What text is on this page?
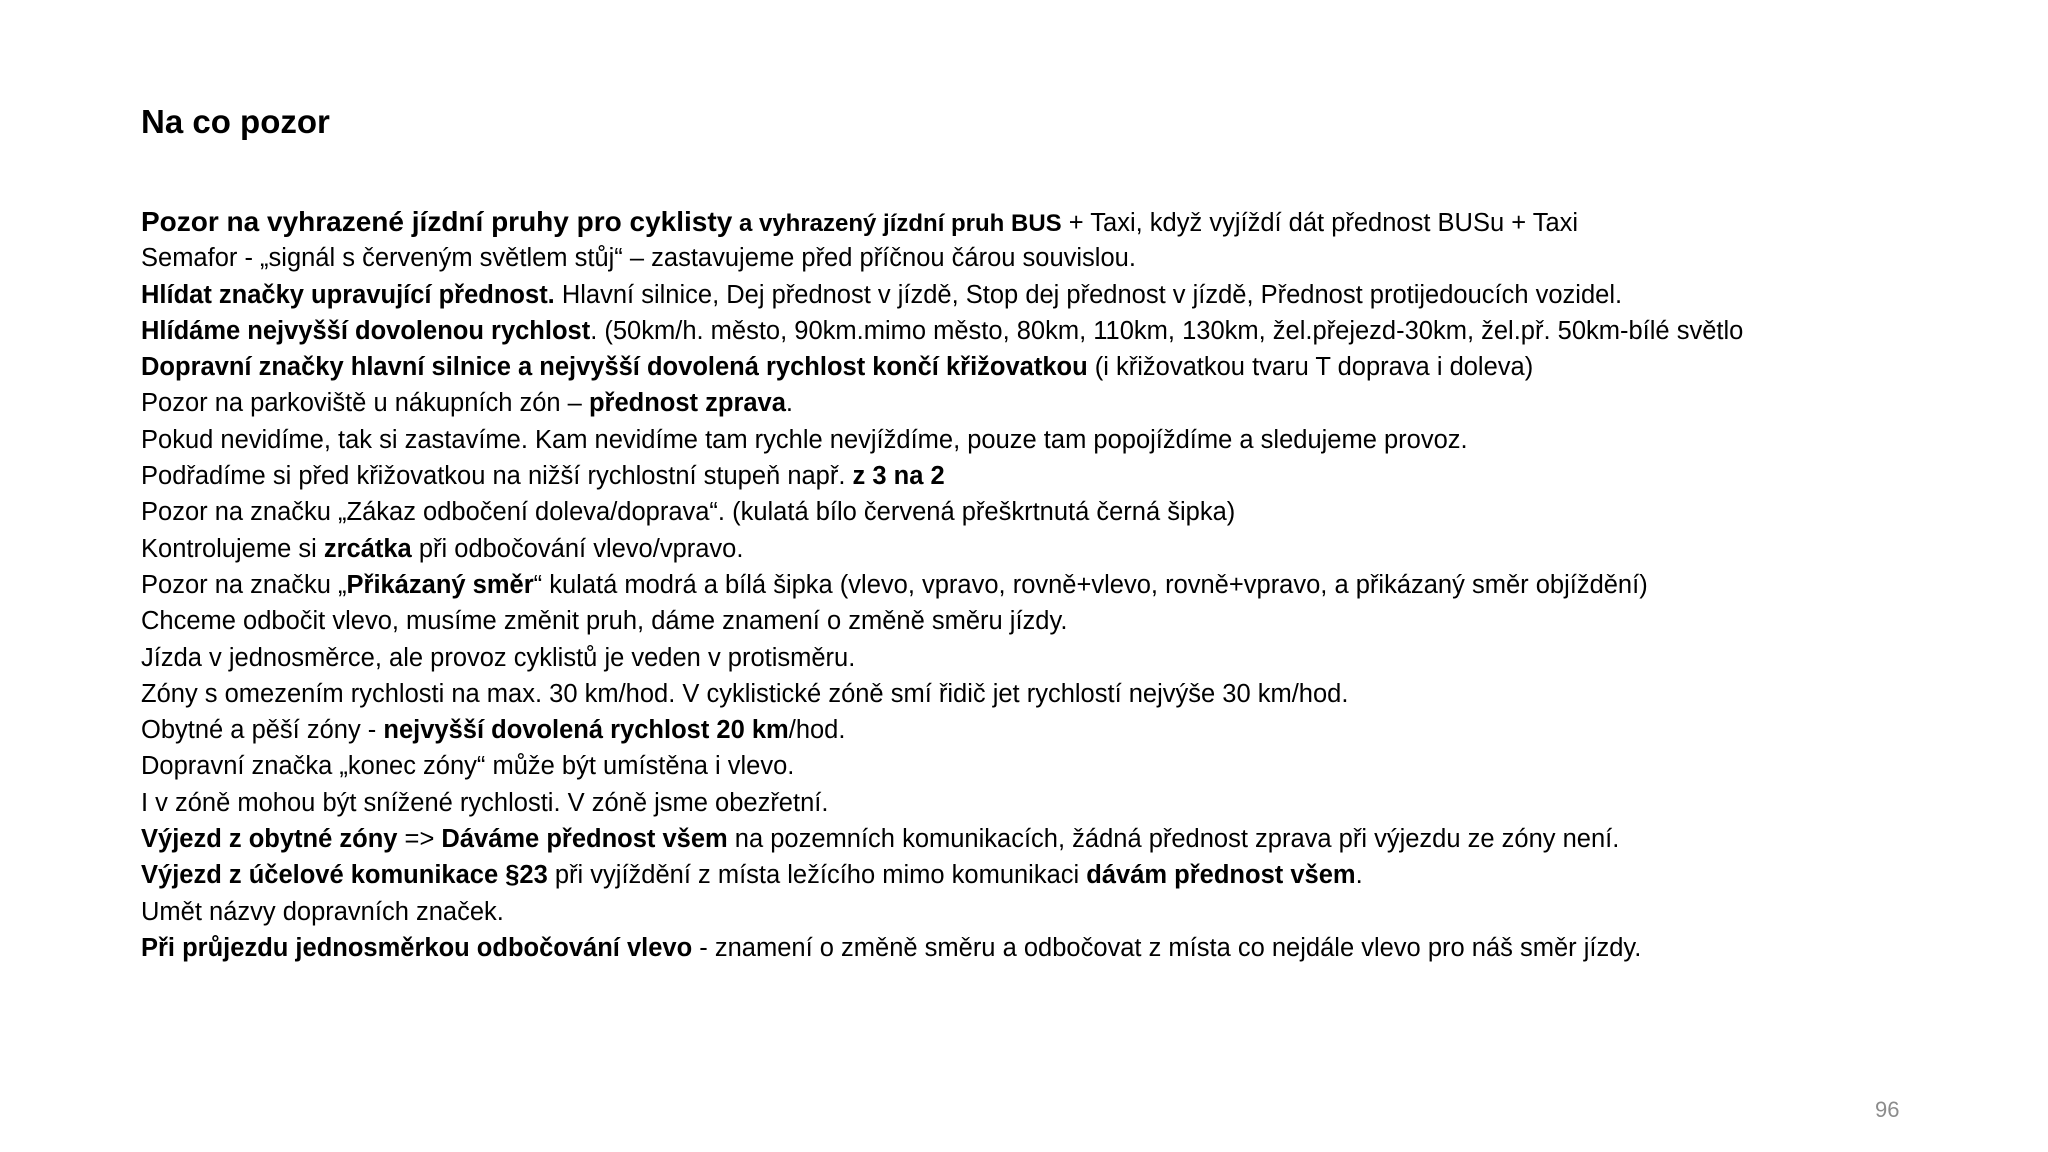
Na co pozor
Pozor na vyhrazené jízdní pruhy pro cyklisty a vyhrazený jízdní pruh BUS + Taxi, když vyjíždí dát přednost BUSu + Taxi
Semafor - „signál s červeným světlem stůj“ – zastavujeme před příčnou čárou souvislou.
Hlídat značky upravující přednost. Hlavní silnice, Dej přednost v jízdě, Stop dej přednost v jízdě, Přednost protijedoucích vozidel.
Hlídáme nejvyšší dovolenou rychlost. (50km/h. město, 90km.mimo město, 80km, 110km, 130km, žel.přejezd-30km, žel.př. 50km-bílé světlo
Dopravní značky hlavní silnice a nejvyšší dovolená rychlost končí křižovatkou (i křižovatkou tvaru T doprava i doleva)
Pozor na parkoviště u nákupních zón – přednost zprava.
Pokud nevidíme, tak si zastavíme. Kam nevidíme tam rychle nevjíždíme, pouze tam popojíždíme a sledujeme provoz.
Podřadíme si před křižovatkou na nižší rychlostní stupeň např. z 3 na 2
Pozor na značku „Zákaz odbočení doleva/doprava“. (kulatá bílo červená přeškrtnutá černá šipka)
Kontrolujeme si zrcátka při odbočování vlevo/vpravo.
Pozor na značku „Přikázaný směr“ kulatá modrá a bílá šipka (vlevo, vpravo, rovně+vlevo, rovně+vpravo, a přikázaný směr objíždění)
Chceme odbočit vlevo, musíme změnit pruh, dáme znamení o změně směru jízdy.
Jízda v jednosměrce, ale provoz cyklistů je veden v protisměru.
Zóny s omezením rychlosti na max. 30 km/hod. V cyklistické zóně smí řidič jet rychlostí nejvýše 30 km/hod.
Obytné a pěší zóny - nejvyšší dovolená rychlost 20 km/hod.
Dopravní značka „konec zóny“ může být umístěna i vlevo.
I v zóně mohou být snížené rychlosti. V zóně jsme obezřetní.
Výjezd z obytné zóny => Dáváme přednost všem na pozemních komunikacích, žádná přednost zprava při výjezdu ze zóny není.
Výjezd z účelové komunikace §23 při vyjíždění z místa ležícího mimo komunikaci dávám přednost všem.
Umět názvy dopravních značek.
Při průjezdu jednosměrkou odbočování vlevo - znamení o změně směru a odbočovat z místa co nejdále vlevo pro náš směr jízdy.
96
